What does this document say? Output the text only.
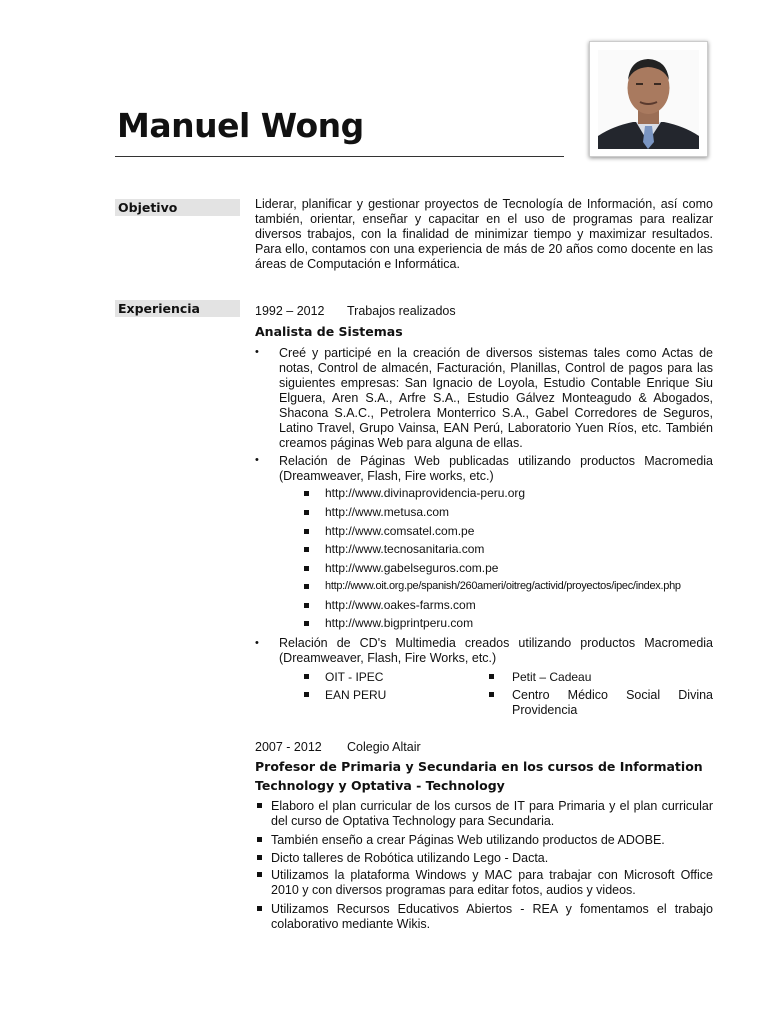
Manuel Wong
Objetivo	Liderar, planificar y gestionar proyectos de Tecnología de Información, así como también, orientar, enseñar y capacitar en el uso de programas para realizar diversos trabajos, con la finalidad de minimizar tiempo y maximizar resultados. Para ello, contamos con una experiencia de más de 20 años como docente en las áreas de Computación e Informática.
Experiencia	1992 – 2012 Trabajos realizados
Analista de Sistemas
• Creé y participé en la creación de diversos sistemas tales como Actas de notas, Control de almacén, Facturación, Planillas, Control de pagos para las siguientes empresas: San Ignacio de Loyola, Estudio Contable Enrique Siu Elguera, Aren S.A., Arfre S.A., Estudio Gálvez Monteagudo & Abogados, Shacona S.A.C., Petrolera Monterrico S.A., Gabel Corredores de Seguros, Latino Travel, Grupo Vainsa, EAN Perú, Laboratorio Yuen Ríos, etc. También creamos páginas Web para alguna de ellas.
• Relación de Páginas Web publicadas utilizando productos Macromedia (Dreamweaver, Flash, Fire works, etc.)
http://www.divinaprovidencia-peru.org
http://www.metusa.com
http://www.comsatel.com.pe
http://www.tecnosanitaria.com
http://www.gabelseguros.com.pe
http://www.oit.org.pe/spanish/260ameri/oitreg/activid/proyectos/ipec/index.php
http://www.oakes-farms.com
http://www.bigprintperu.com
• Relación de CD's Multimedia creados utilizando productos Macromedia (Dreamweaver, Flash, Fire Works, etc.)
OIT - IPEC
EAN PERU
Petit – Cadeau
Centro Médico Social Divina Providencia
2007 - 2012 Colegio Altair
Profesor de Primaria y Secundaria en los cursos de Information
Technology y Optativa - Technology
Elaboro el plan curricular de los cursos de IT para Primaria y el plan curricular del curso de Optativa Technology para Secundaria.
También enseño a crear Páginas Web utilizando productos de ADOBE.
Dicto talleres de Robótica utilizando Lego - Dacta.
Utilizamos la plataforma Windows y MAC para trabajar con Microsoft Office 2010 y con diversos programas para editar fotos, audios y videos.
Utilizamos Recursos Educativos Abiertos - REA y fomentamos el trabajo colaborativo mediante Wikis.
